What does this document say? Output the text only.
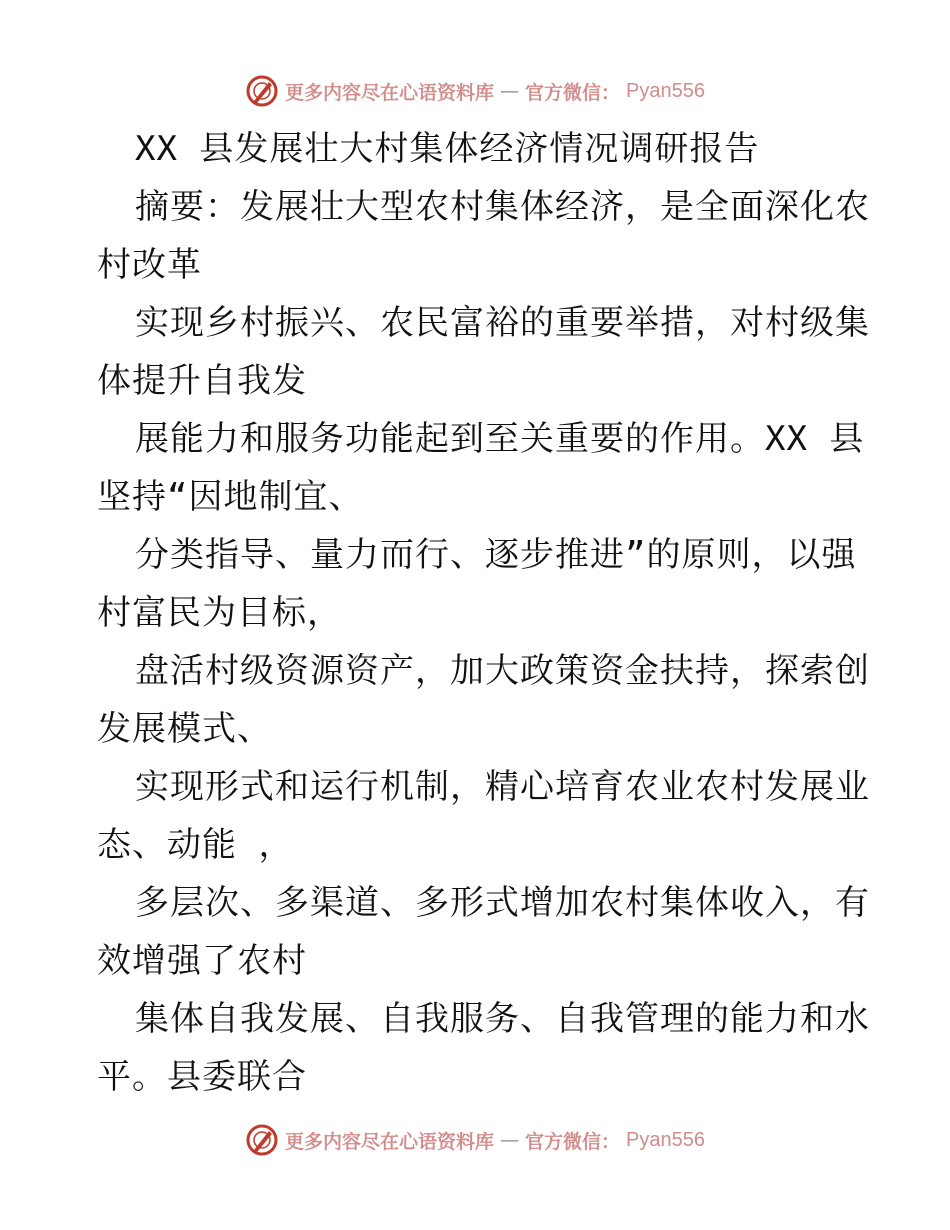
更多内容尽在心语资料库 — 官方微信： Pyan556
XX 县发展壮大村集体经济情况调研报告
摘要：发展壮大型农村集体经济，是全面深化农
村改革
实现乡村振兴、农民富裕的重要举措，对村级集
体提升自我发
展能力和服务功能起到至关重要的作用。XX 县
坚持“因地制宜、
分类指导、量力而行、逐步推进”的原则，以强
村富民为目标，
盘活村级资源资产，加大政策资金扶持，探索创
发展模式、
实现形式和运行机制，精心培育农业农村发展业
态、动能 ，
多层次、多渠道、多形式增加农村集体收入，有
效增强了农村
集体自我发展、自我服务、自我管理的能力和水
平。县委联合
更多内容尽在心语资料库 — 官方微信： Pyan556
